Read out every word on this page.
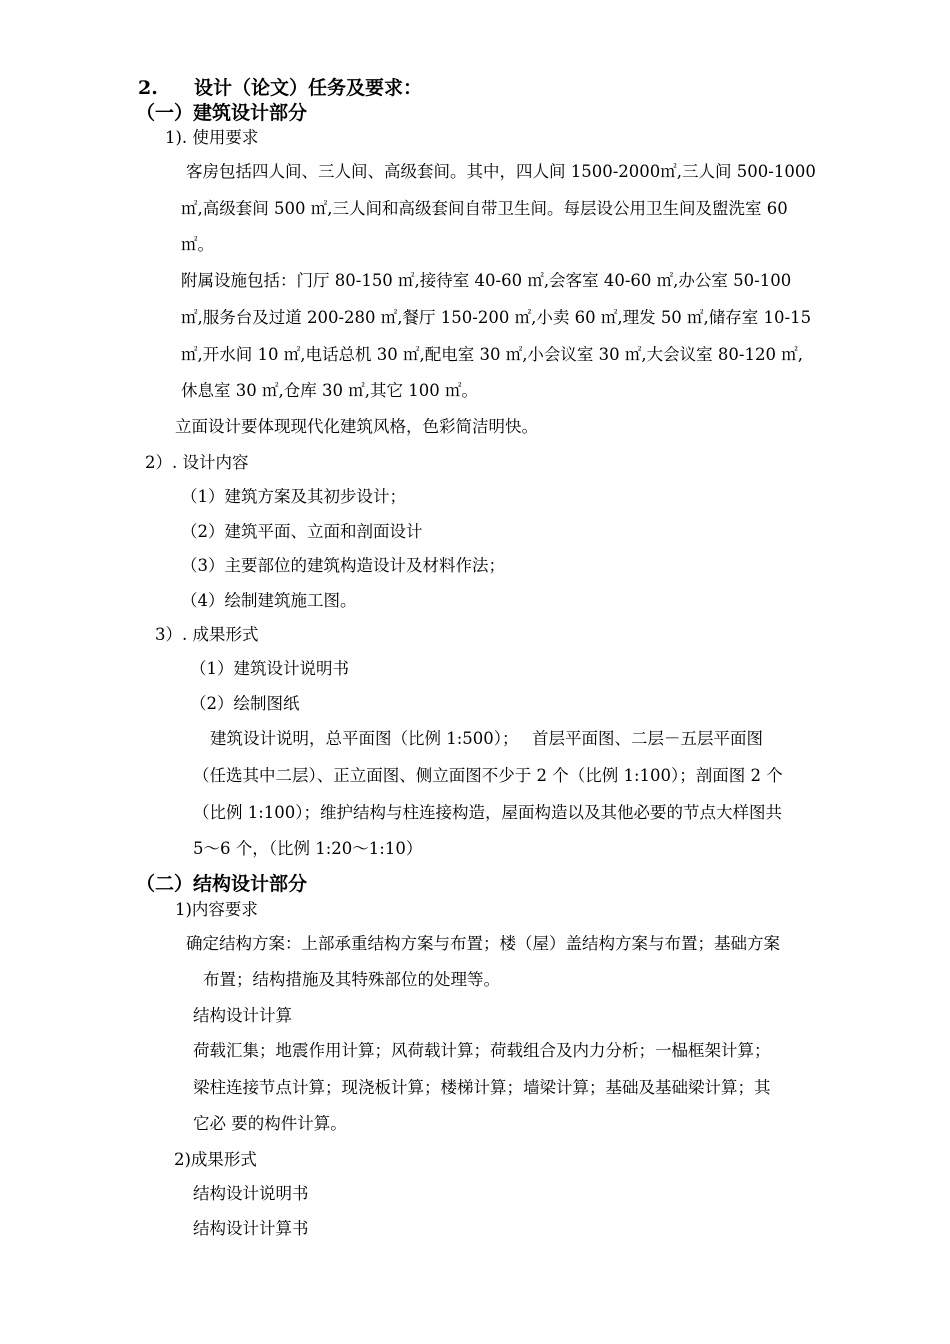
2. 设计（论文）任务及要求：
（一）建筑设计部分
1). 使用要求
客房包括四人间、三人间、高级套间。其中，四人间 1500-2000㎡,三人间 500-1000
㎡,高级套间 500 ㎡,三人间和高级套间自带卫生间。每层设公用卫生间及盥洗室 60
㎡。
附属设施包括：门厅 80-150 ㎡,接待室 40-60 ㎡,会客室 40-60 ㎡,办公室 50-100
㎡,服务台及过道 200-280 ㎡,餐厅 150-200 ㎡,小卖 60 ㎡,理发 50 ㎡,储存室 10-15
㎡,开水间 10 ㎡,电话总机 30 ㎡,配电室 30 ㎡,小会议室 30 ㎡,大会议室 80-120 ㎡,
休息室 30 ㎡,仓库 30 ㎡,其它 100 ㎡。
立面设计要体现现代化建筑风格，色彩简洁明快。
2）. 设计内容
（1）建筑方案及其初步设计；
（2）建筑平面、立面和剖面设计
（3）主要部位的建筑构造设计及材料作法；
（4）绘制建筑施工图。
3）. 成果形式
（1）建筑设计说明书
（2）绘制图纸
建筑设计说明，总平面图（比例 1:500）；　 首层平面图、二层－五层平面图
（任选其中二层）、正立面图、侧立面图不少于 2 个（比例 1:100）；剖面图 2 个
（比例 1:100）；维护结构与柱连接构造，屋面构造以及其他必要的节点大样图共
5～6 个，（比例 1:20～1:10）
（二）结构设计部分
1)内容要求
确定结构方案：上部承重结构方案与布置；楼（屋）盖结构方案与布置；基础方案
布置；结构措施及其特殊部位的处理等。
结构设计计算
荷载汇集；地震作用计算；风荷载计算；荷载组合及内力分析；一榀框架计算；
梁柱连接节点计算；现浇板计算；楼梯计算；墙梁计算；基础及基础梁计算；其
它必 要的构件计算。
2)成果形式
结构设计说明书
结构设计计算书
